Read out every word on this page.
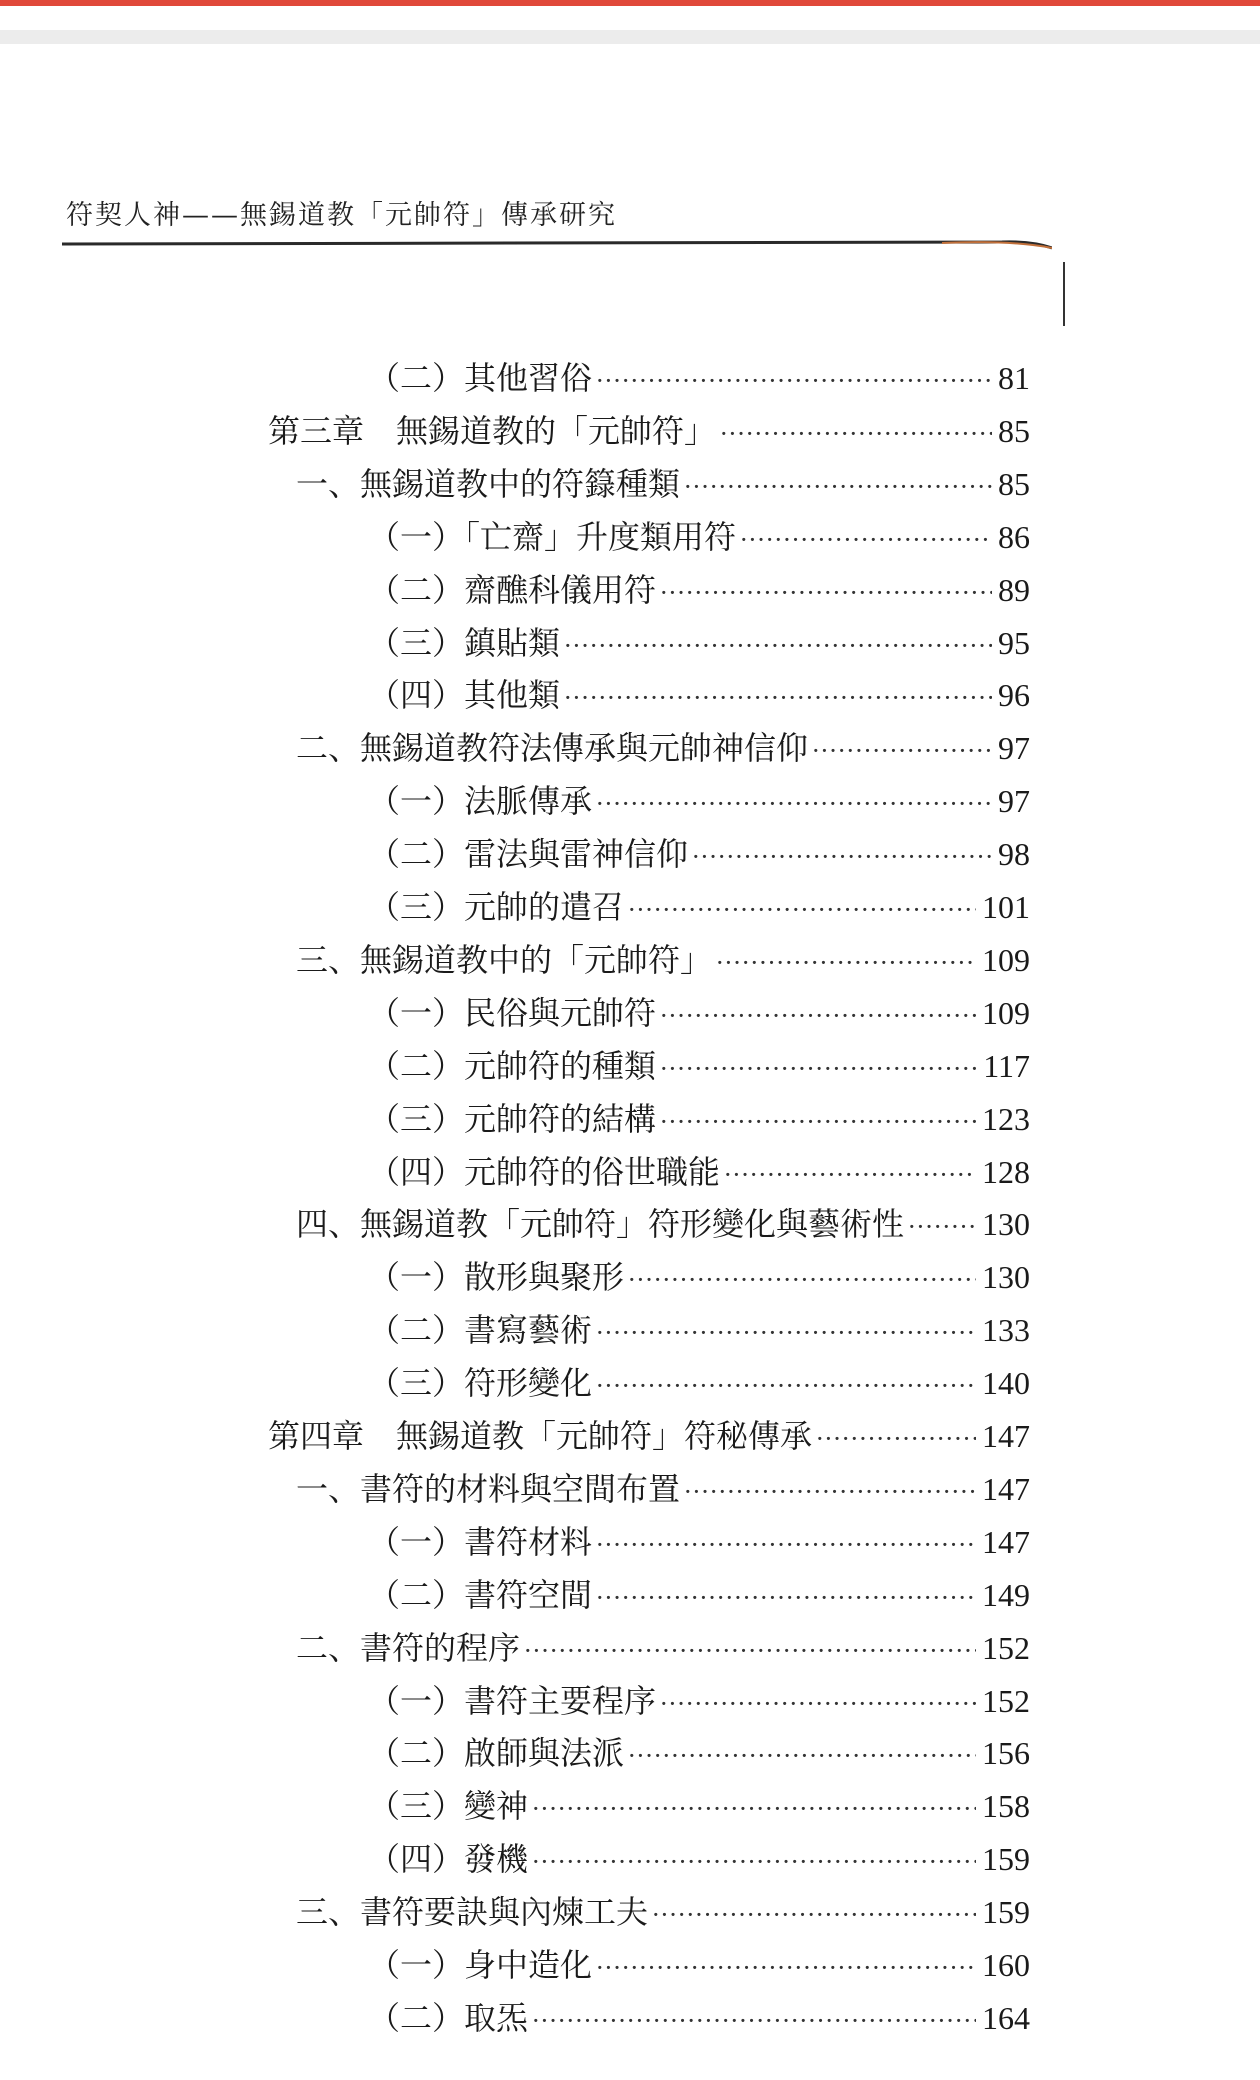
符契人神——無錫道教「元帥符」傳承研究
（二）其他習俗 ·····	81
第三章　無錫道教的「元帥符」 ·····	85
一、無錫道教中的符籙種類 ·····	85
（一）「亡齋」升度類用符 ·····	86
（二）齋醮科儀用符 ·····	89
（三）鎮貼類 ·····	95
（四）其他類 ·····	96
二、無錫道教符法傳承與元帥神信仰 ·····	97
（一）法脈傳承 ·····	97
（二）雷法與雷神信仰 ·····	98
（三）元帥的遣召 ·····	101
三、無錫道教中的「元帥符」 ·····	109
（一）民俗與元帥符 ·····	109
（二）元帥符的種類 ·····	117
（三）元帥符的結構 ·····	123
（四）元帥符的俗世職能 ·····	128
四、無錫道教「元帥符」符形變化與藝術性 ····· 130
（一）散形與聚形 ·····	130
（二）書寫藝術 ·····	133
（三）符形變化 ·····	140
第四章　無錫道教「元帥符」符秘傳承 ·····	147
一、書符的材料與空間布置 ·····	147
（一）書符材料 ·····	147
（二）書符空間 ·····	149
二、書符的程序 ·····	152
（一）書符主要程序 ·····	152
（二）啟師與法派 ·····	156
（三）變神 ·····	158
（四）發機 ·····	159
三、書符要訣與內煉工夫 ·····	159
（一）身中造化 ·····	160
（二）取炁 ·····	164
